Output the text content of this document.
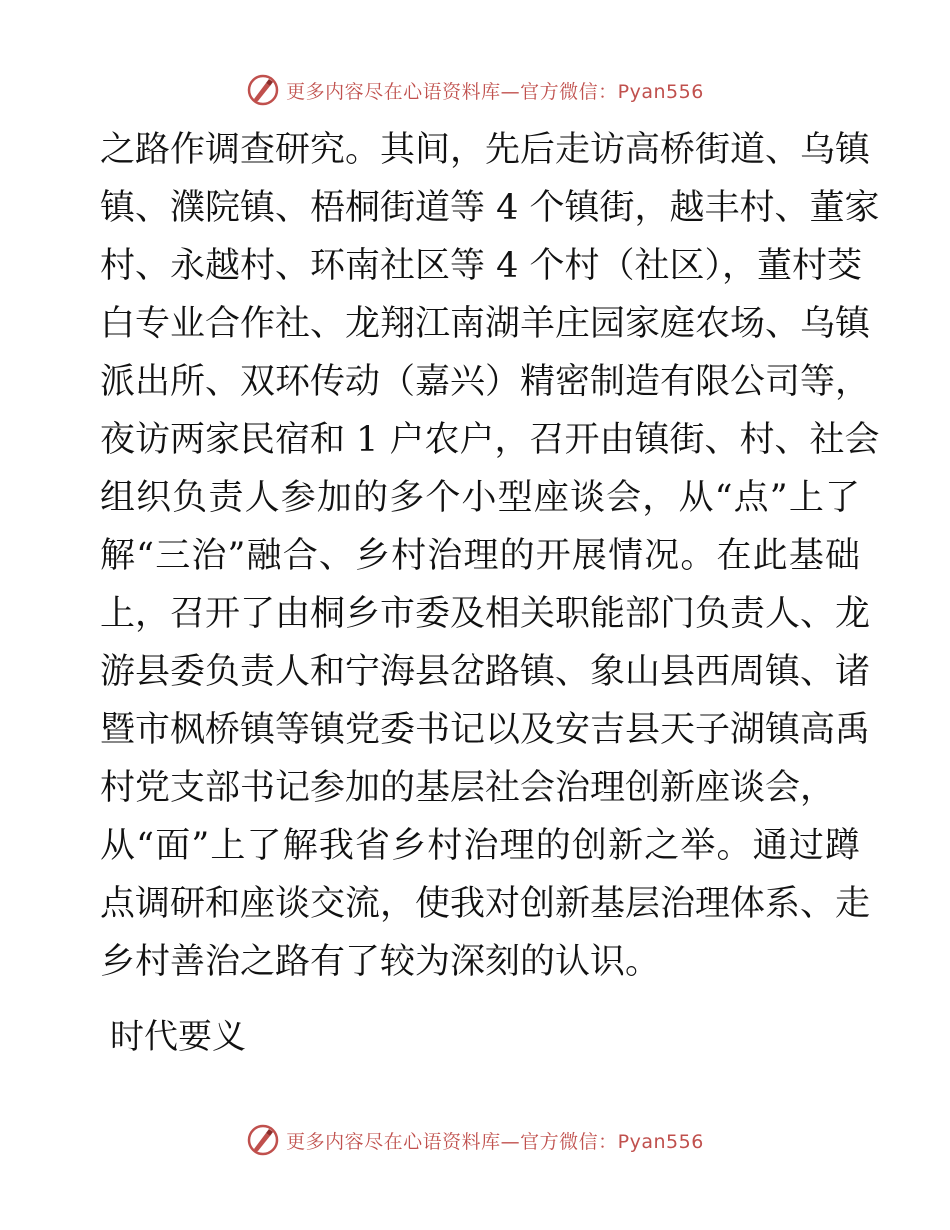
更多内容尽在心语资料库—官方微信：Pyan556
之路作调查研究。其间，先后走访高桥街道、乌镇
镇、濮院镇、梧桐街道等 4 个镇街，越丰村、董家
村、永越村、环南社区等 4 个村（社区），董村茭
白专业合作社、龙翔江南湖羊庄园家庭农场、乌镇
派出所、双环传动（嘉兴）精密制造有限公司等，
夜访两家民宿和 1 户农户，召开由镇街、村、社会
组织负责人参加的多个小型座谈会，从“点”上了
解“三治”融合、乡村治理的开展情况。在此基础
上，召开了由桐乡市委及相关职能部门负责人、龙
游县委负责人和宁海县岔路镇、象山县西周镇、诸
暨市枫桥镇等镇党委书记以及安吉县天子湖镇高禹
村党支部书记参加的基层社会治理创新座谈会，
从“面”上了解我省乡村治理的创新之举。通过蹲
点调研和座谈交流，使我对创新基层治理体系、走
乡村善治之路有了较为深刻的认识。
时代要义
更多内容尽在心语资料库—官方微信：Pyan556
